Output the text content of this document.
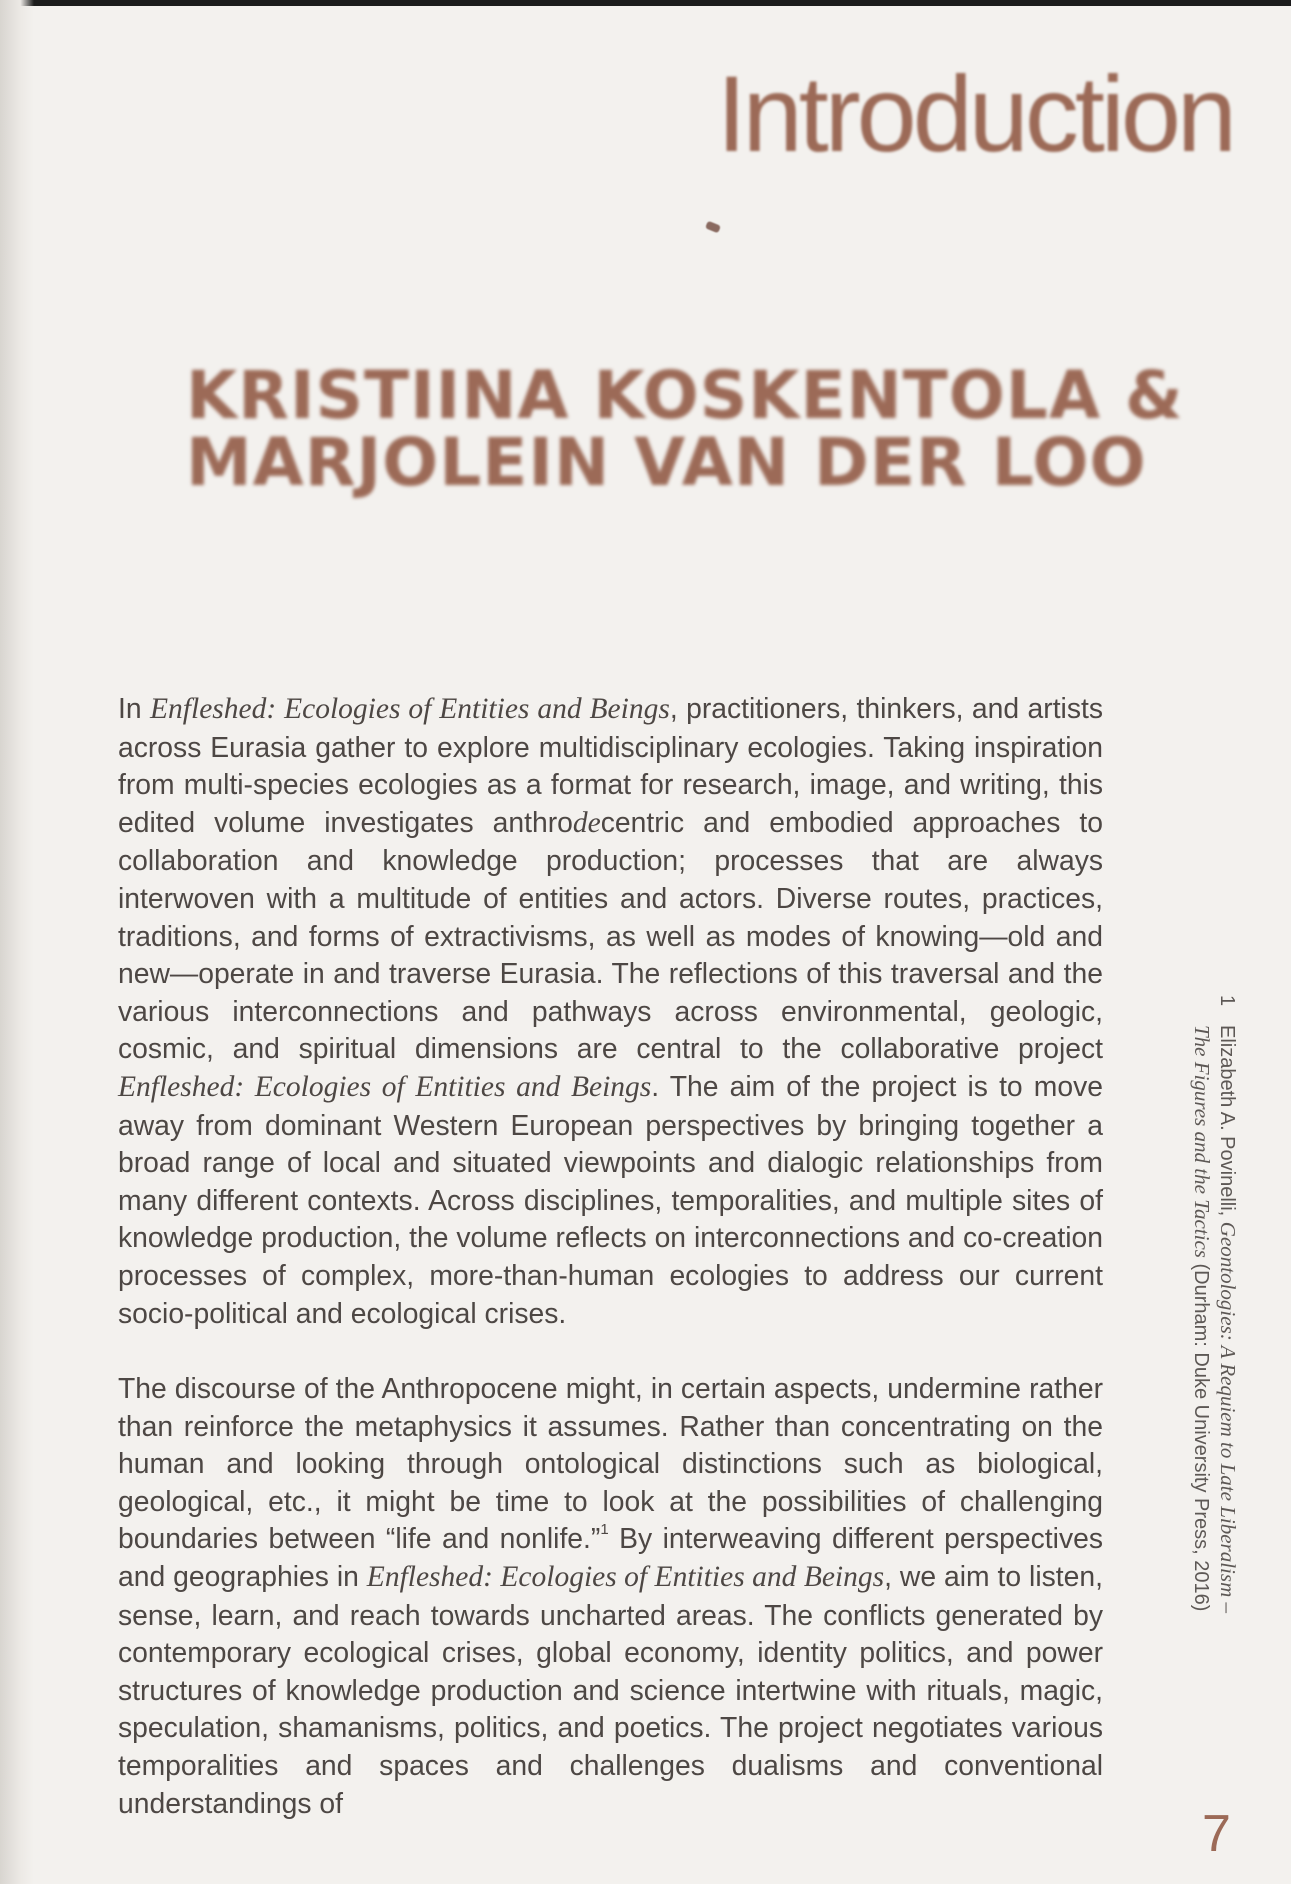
Introduction
KRISTIINA KOSKENTOLA &
MARJOLEIN VAN DER LOO

In Enfleshed: Ecologies of Entities and Beings, practitioners, thinkers, and artists across Eurasia gather to explore multidisciplinary ecologies. Taking inspiration from multi-species ecologies as a format for research, image, and writing, this edited volume investigates anthrodecentric and embodied approaches to collaboration and knowledge production; processes that are always interwoven with a multitude of entities and actors. Diverse routes, practices, traditions, and forms of extractivisms, as well as modes of knowing—old and new—operate in and traverse Eurasia. The reflections of this traversal and the various interconnections and pathways across environmental, geologic, cosmic, and spiritual dimensions are central to the collaborative project Enfleshed: Ecologies of Entities and Beings. The aim of the project is to move away from dominant Western European perspectives by bringing together a broad range of local and situated viewpoints and dialogic relationships from many different contexts. Across disciplines, temporalities, and multiple sites of knowledge production, the volume reflects on interconnections and co-creation processes of complex, more-than-human ecologies to address our current socio-political and ecological crises.

The discourse of the Anthropocene might, in certain aspects, undermine rather than reinforce the metaphysics it assumes. Rather than concentrating on the human and looking through ontological distinctions such as biological, geological, etc., it might be time to look at the possibilities of challenging boundaries between “life and nonlife.”$^1$ By interweaving different perspectives and geographies in Enfleshed: Ecologies of Entities and Beings, we aim to listen, sense, learn, and reach towards uncharted areas. The conflicts generated by contemporary ecological crises, global economy, identity politics, and power structures of knowledge production and science intertwine with rituals, magic, speculation, shamanisms, politics, and poetics. The project negotiates various temporalities and spaces and challenges dualisms and conventional understandings of

1Elizabeth A. Povinelli, Geontologies: A Requiem to Late Liberalism –
The Figures and the Tactics (Durham: Duke University Press, 2016)
7
